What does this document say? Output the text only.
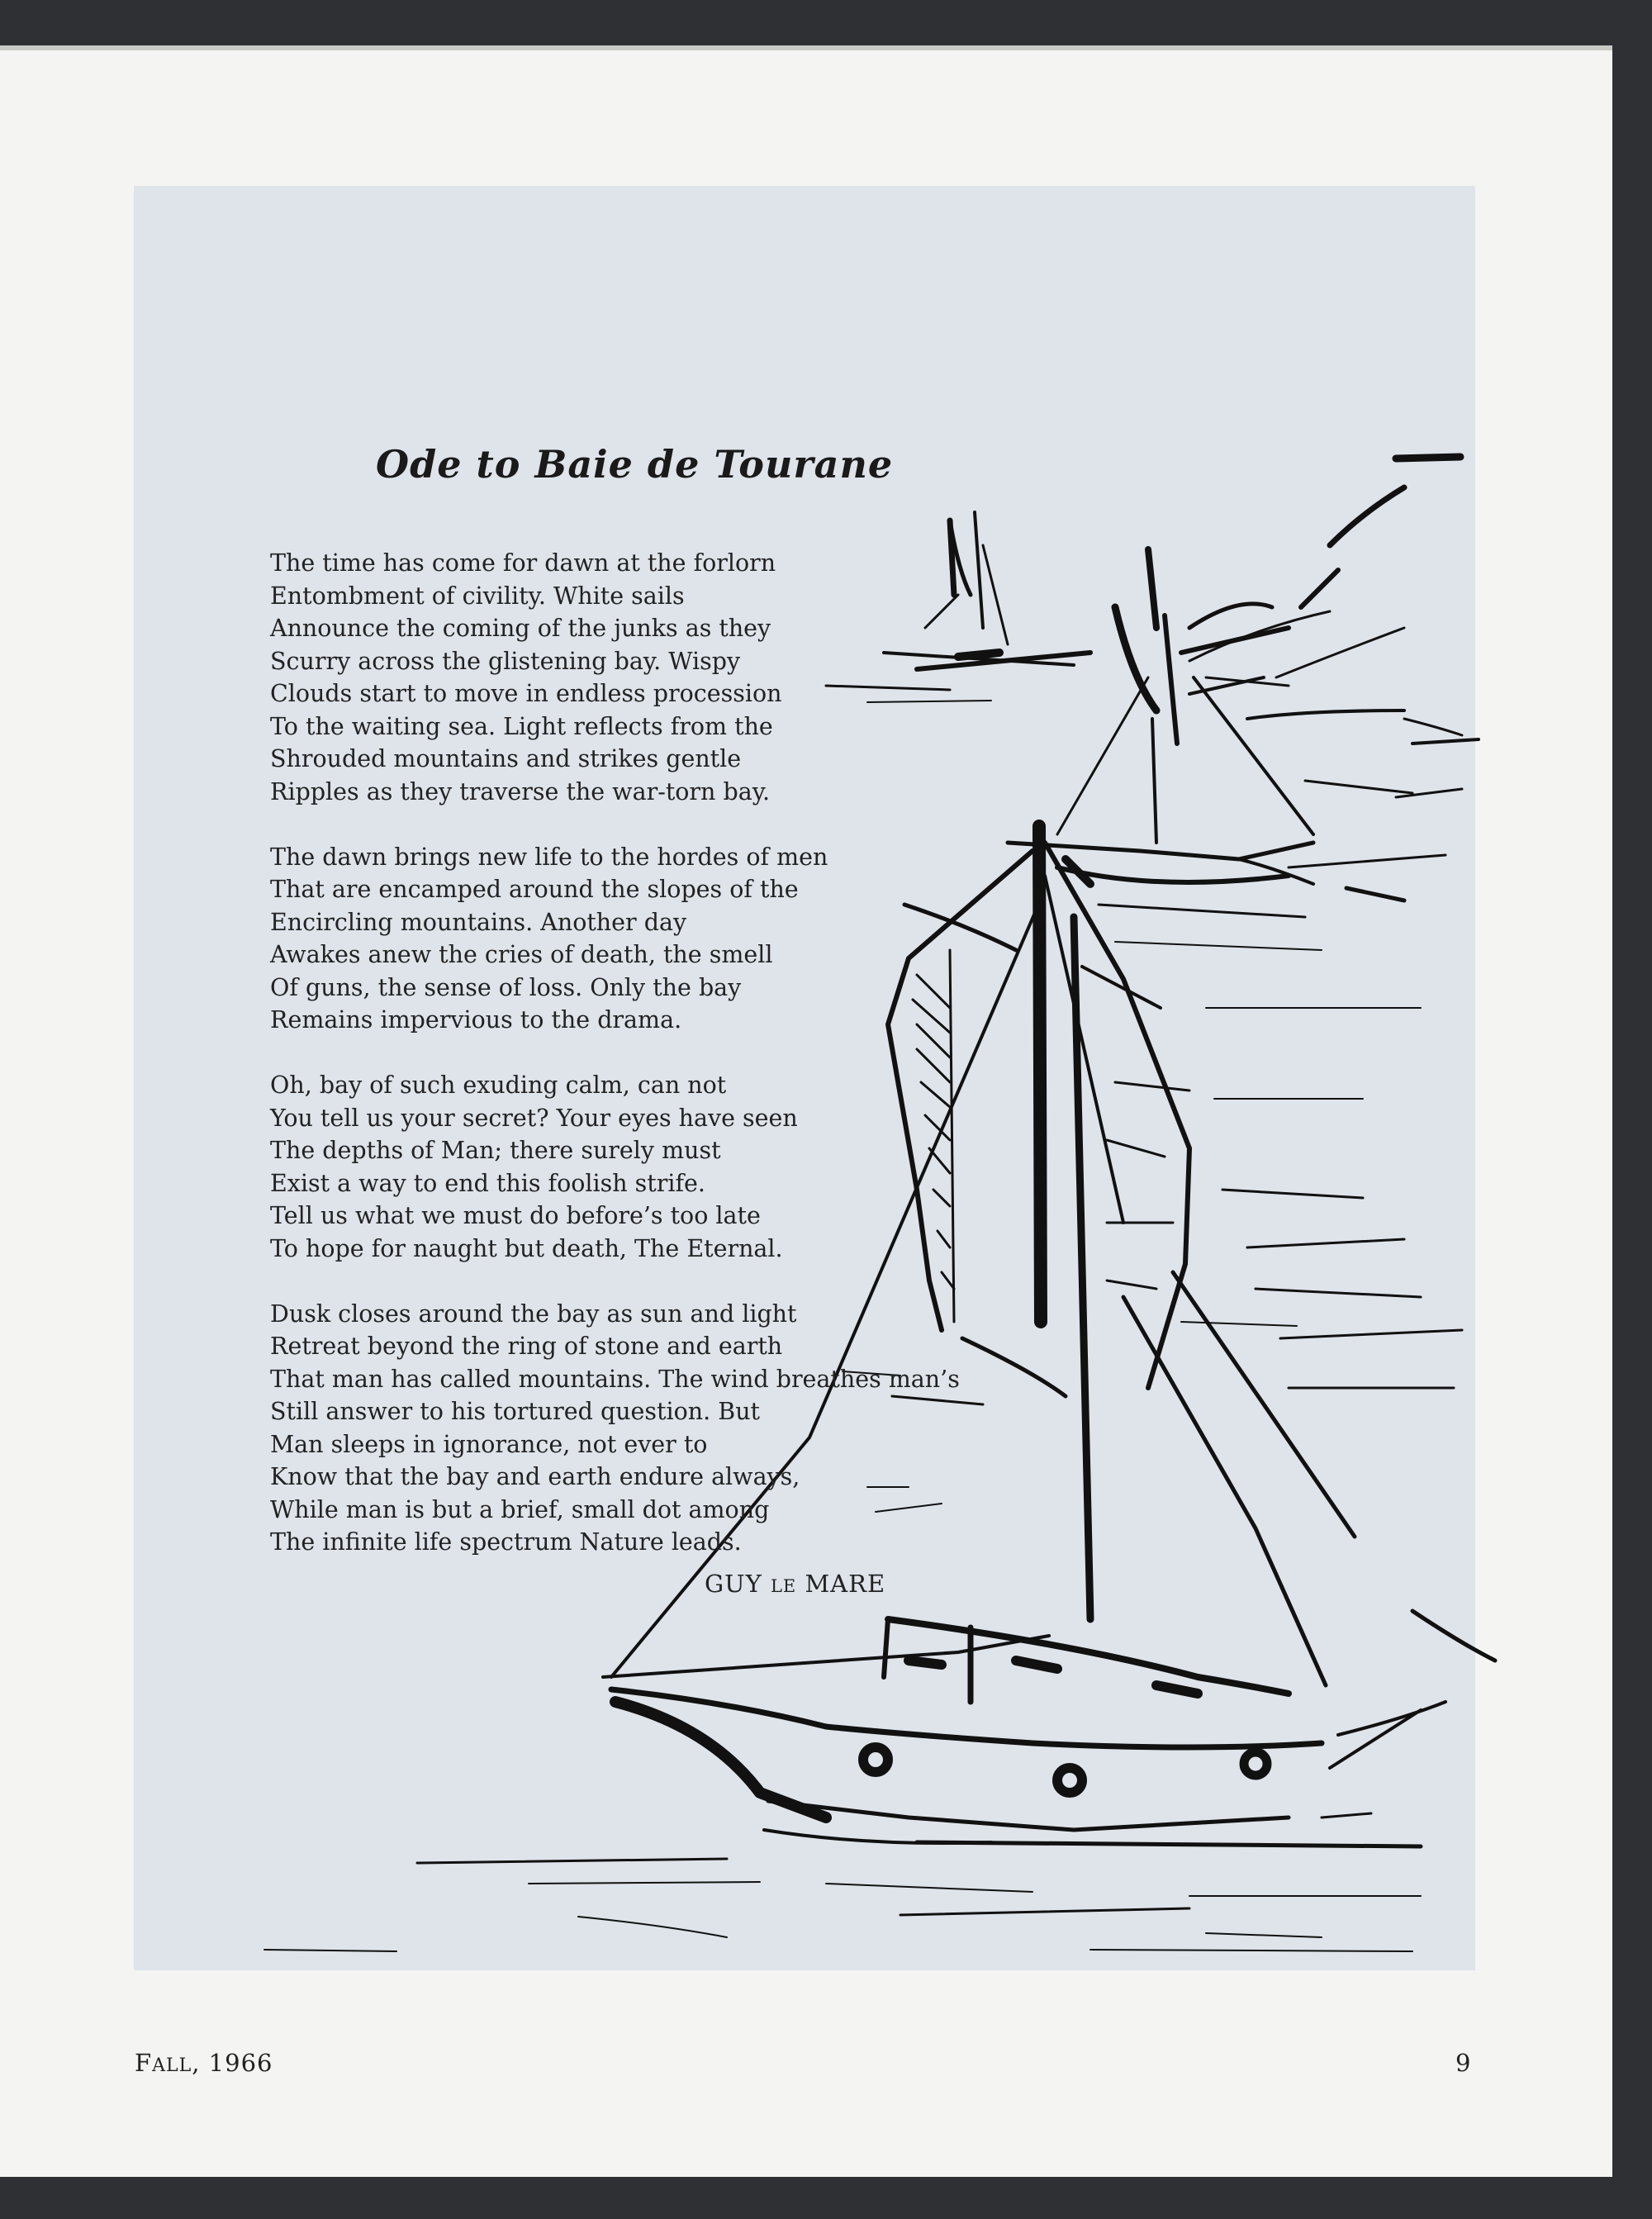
Ode to Baie de Tourane
The time has come for dawn at the forlorn
Entombment of civility. White sails
Announce the coming of the junks as they
Scurry across the glistening bay. Wispy
Clouds start to move in endless procession
To the waiting sea. Light reflects from the
Shrouded mountains and strikes gentle
Ripples as they traverse the war-torn bay.
The dawn brings new life to the hordes of men
That are encamped around the slopes of the
Encircling mountains. Another day
Awakes anew the cries of death, the smell
Of guns, the sense of loss. Only the bay
Remains impervious to the drama.
Oh, bay of such exuding calm, can not
You tell us your secret? Your eyes have seen
The depths of Man; there surely must
Exist a way to end this foolish strife.
Tell us what we must do before’s too late
To hope for naught but death, The Eternal.
Dusk closes around the bay as sun and light
Retreat beyond the ring of stone and earth
That man has called mountains. The wind breathes man’s
Still answer to his tortured question. But
Man sleeps in ignorance, not ever to
Know that the bay and earth endure always,
While man is but a brief, small dot among
The infinite life spectrum Nature leads.
GUY LE MARE
FALL, 1966	9
